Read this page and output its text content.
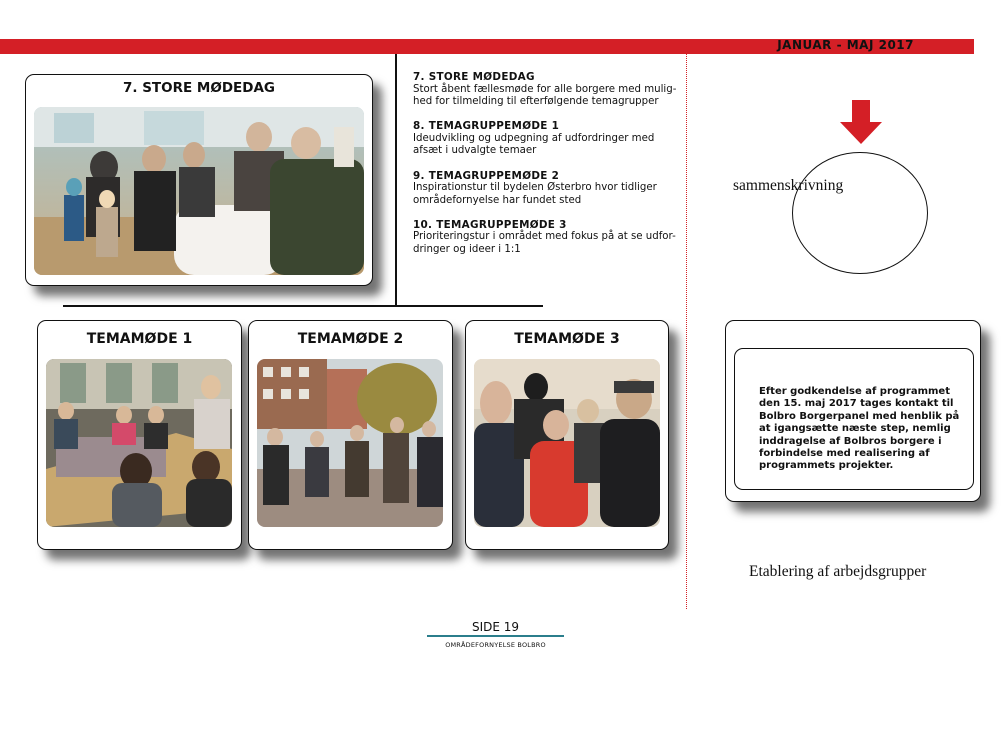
JANUAR - MAJ 2017
7. STORE MØDEDAG
7. STORE MØDEDAG
Stort åbent fællesmøde for alle borgere med mulig-
hed for tilmelding til efterfølgende temagrupper
8. TEMAGRUPPEMØDE 1
Ideudvikling og udpegning af udfordringer med
afsæt i udvalgte temaer
9. TEMAGRUPPEMØDE 2
Inspirationstur til bydelen Østerbro hvor tidliger
områdefornyelse har fundet sted
10. TEMAGRUPPEMØDE 3
Prioriteringstur i området med fokus på at se udfor-
dringer og ideer i 1:1
TEMAMØDE 1	TEMAMØDE 2	TEMAMØDE 3
sammenskrivning
Efter godkendelse af programmet den 15. maj 2017 tages kontakt til Bolbro Borgerpanel med henblik på at igangsætte næste step, nemlig inddragelse af Bolbros borgere i forbindelse med realisering af programmets projekter.
Etablering af arbejdsgrupper
SIDE 19
OMRÅDEFORNYELSE BOLBRO
